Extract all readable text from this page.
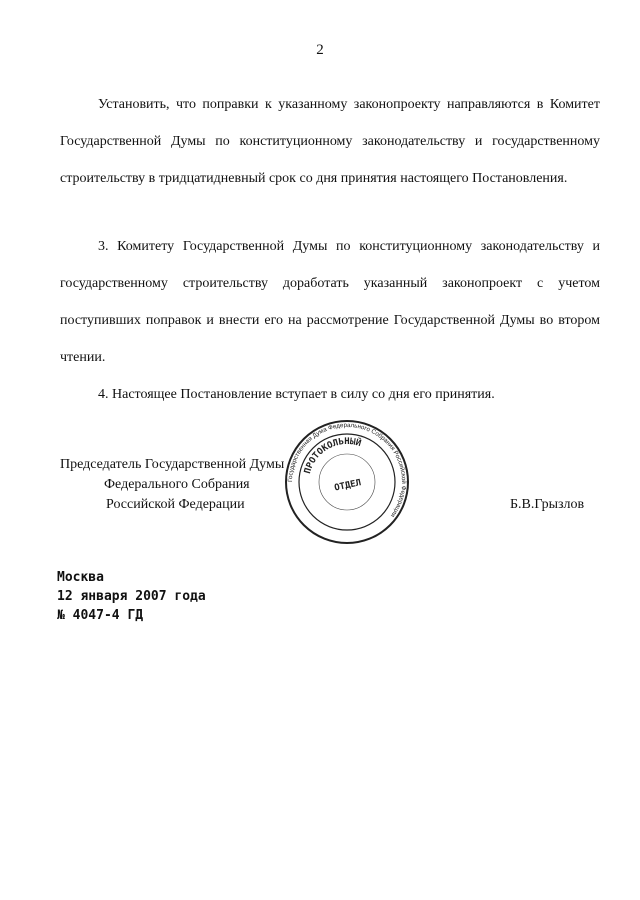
2

Установить, что поправки к указанному законопроекту направляются в Комитет Государственной Думы по конституционному законодательству и государственному строительству в тридцатидневный срок со дня принятия настоящего Постановления.

3. Комитету Государственной Думы по конституционному законодательству и государственному строительству доработать указанный законопроект с учетом поступивших поправок и внести его на рассмотрение Государственной Думы во втором чтении.

4. Настоящее Постановление вступает в силу со дня его принятия.

Председатель Государственной Думы
Федерального Собрания
Российской Федерации
Государственная Дума Федерального Собрания Российской Федерации
ПРОТОКОЛЬНЫЙ
ОТДЕЛ
Б.В.Грызлов
Москва
12 января 2007 года
№ 4047-4 ГД
